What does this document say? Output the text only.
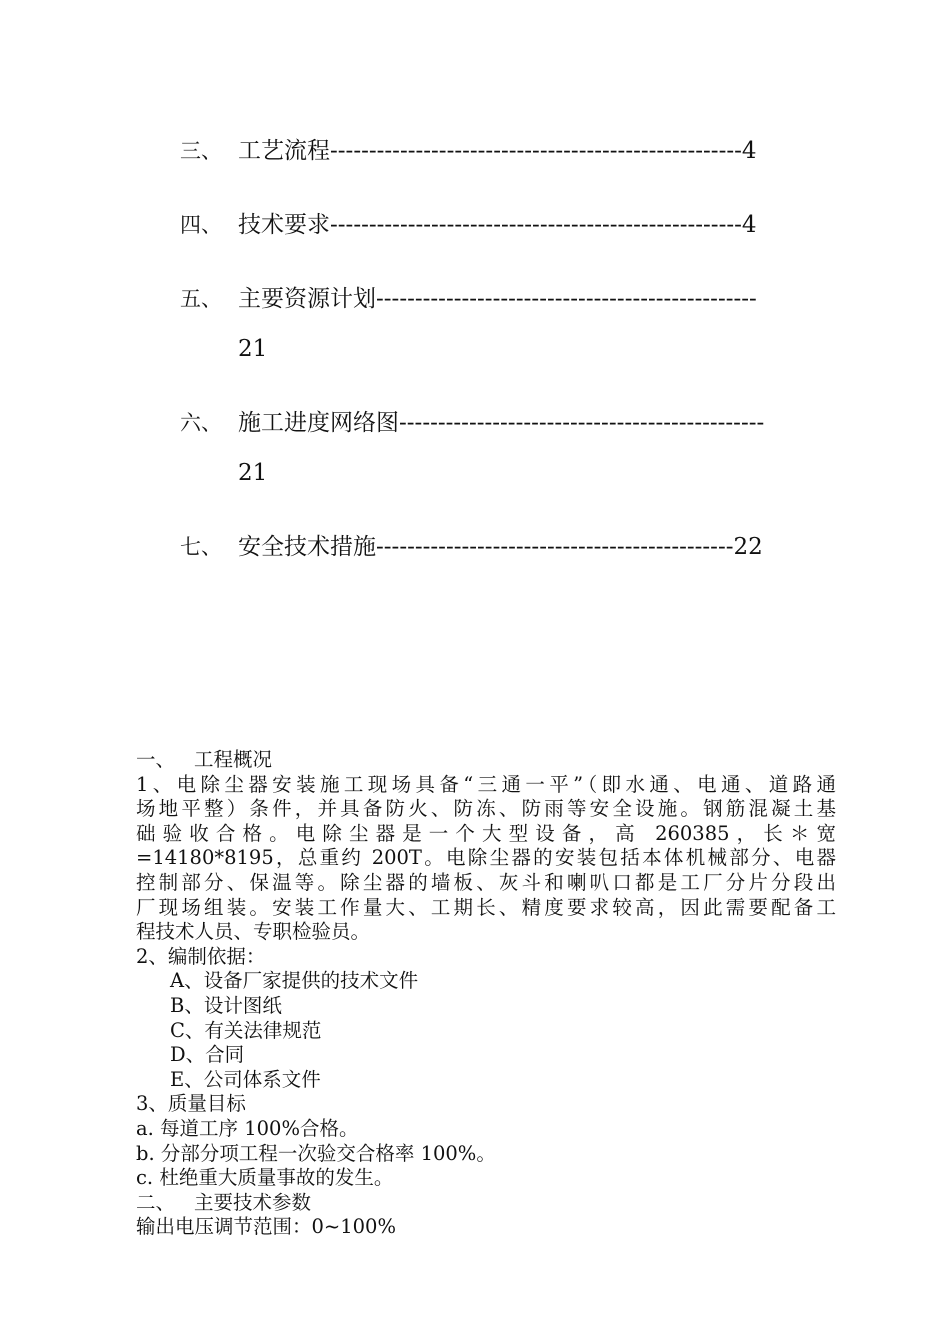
三、 工艺流程-----------------------------------------------------4
四、 技术要求-----------------------------------------------------4
五、 主要资源计划-------------------------------------------------
21
六、 施工进度网络图-----------------------------------------------
21
七、 安全技术措施----------------------------------------------22

一、 工程概况

1、电除尘器安装施工现场具备“三通一平”（即水通、电通、道路通

场地平整）条件，并具备防火、防冻、防雨等安全设施。钢筋混凝土基

础验收合格。电除尘器是一个大型设备，高 260385，长＊宽

=14180*8195，总重约 200T。电除尘器的安装包括本体机械部分、电器

控制部分、保温等。除尘器的墙板、灰斗和喇叭口都是工厂分片分段出

厂现场组装。安装工作量大、工期长、精度要求较高，因此需要配备工

程技术人员、专职检验员。

2、编制依据：

A、设备厂家提供的技术文件

B、设计图纸

C、有关法律规范

D、合同

E、公司体系文件

3、质量目标

a. 每道工序 100%合格。

b. 分部分项工程一次验交合格率 100%。

c. 杜绝重大质量事故的发生。

二、 主要技术参数

输出电压调节范围：0~100%
